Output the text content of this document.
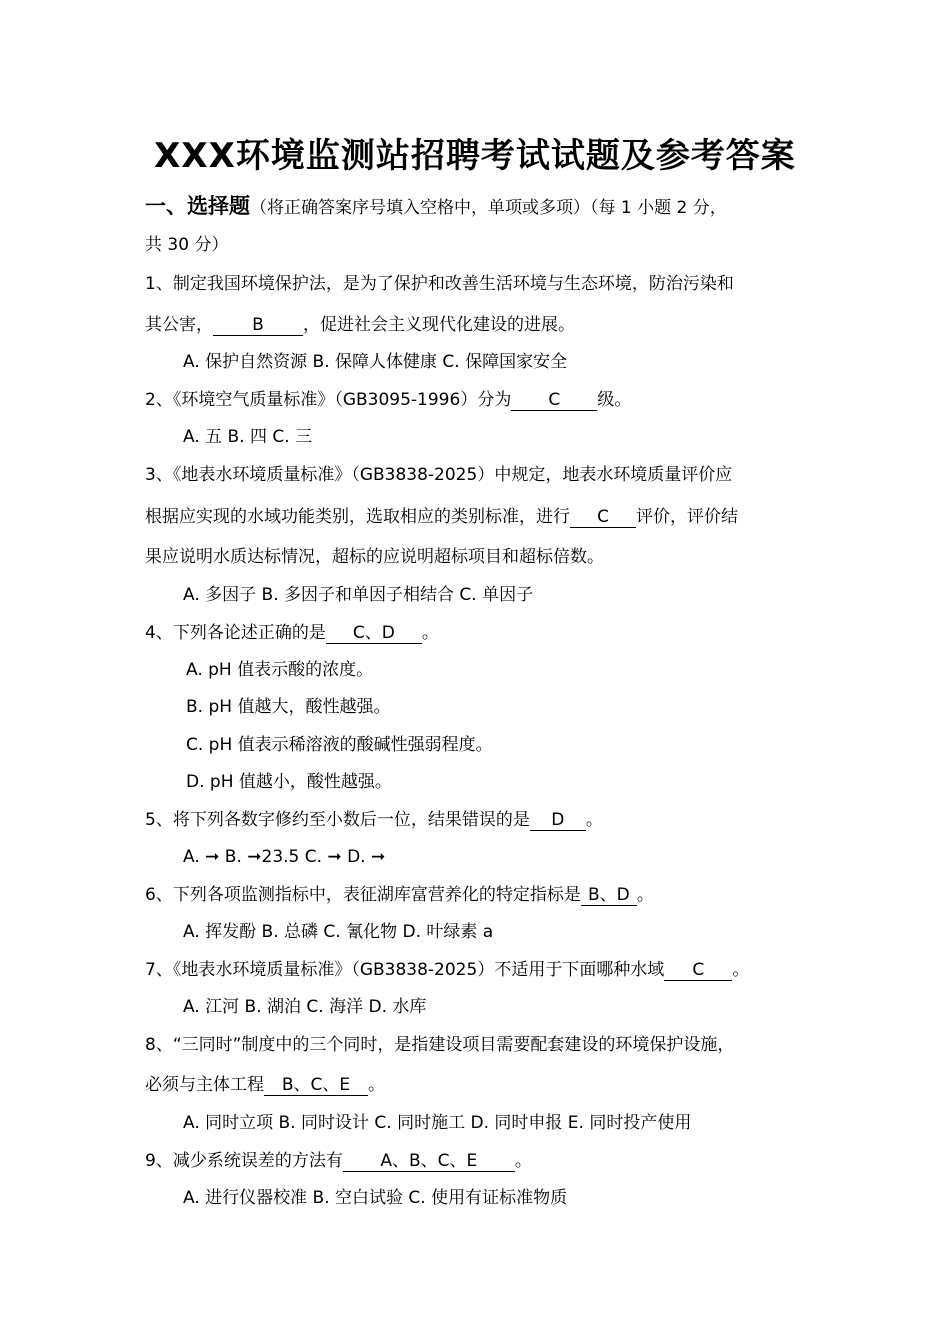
XXX环境监测站招聘考试试题及参考答案
一、选择题（将正确答案序号填入空格中，单项或多项）（每 1 小题 2 分，
共 30 分）
1、制定我国环境保护法，是为了保护和改善生活环境与生态环境，防治污染和
其公害， B ，促进社会主义现代化建设的进展。
A. 保护自然资源 B. 保障人体健康 C. 保障国家安全
2、《环境空气质量标准》（GB3095-1996）分为 C 级。
A. 五 B. 四 C. 三
3、《地表水环境质量标准》（GB3838-2025）中规定，地表水环境质量评价应
根据应实现的水域功能类别，选取相应的类别标准，进行 C 评价，评价结
果应说明水质达标情况，超标的应说明超标项目和超标倍数。
A. 多因子 B. 多因子和单因子相结合 C. 单因子
4、下列各论述正确的是 C、D 。
A. pH 值表示酸的浓度。
B. pH 值越大，酸性越强。
C. pH 值表示稀溶液的酸碱性强弱程度。
D. pH 值越小，酸性越强。
5、将下列各数字修约至小数后一位，结果错误的是 D 。
A. ➞ B. ➞23.5 C. ➞ D. ➞
6、下列各项监测指标中，表征湖库富营养化的特定指标是 B、D 。
A. 挥发酚 B. 总磷 C. 氰化物 D. 叶绿素 a
7、《地表水环境质量标准》（GB3838-2025）不适用于下面哪种水域 C 。
A. 江河 B. 湖泊 C. 海洋 D. 水库
8、“三同时”制度中的三个同时，是指建设项目需要配套建设的环境保护设施，
必须与主体工程 B、C、E 。
A. 同时立项 B. 同时设计 C. 同时施工 D. 同时申报 E. 同时投产使用
9、减少系统误差的方法有 A、B、C、E 。
A. 进行仪器校准 B. 空白试验 C. 使用有证标准物质
